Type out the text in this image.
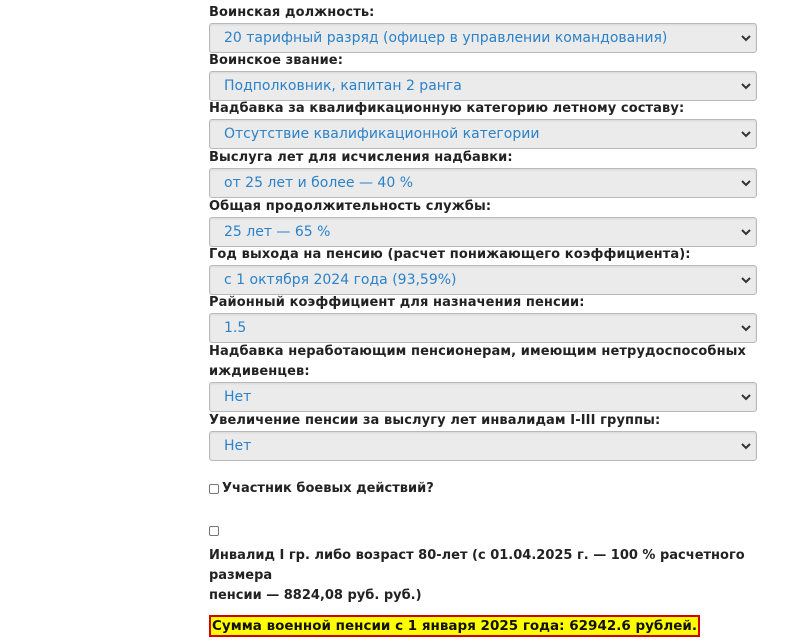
Воинская должность:
20 тарифный разряд (офицер в управлении командования)
Воинское звание:
Подполковник, капитан 2 ранга
Надбавка за квалификационную категорию летному составу:
Отсутствие квалификационной категории
Выслуга лет для исчисления надбавки:
от 25 лет и более — 40 %
Общая продолжительность службы:
25 лет — 65 %
Год выхода на пенсию (расчет понижающего коэффициента):
с 1 октября 2024 года (93,59%)
Районный коэффициент для назначения пенсии:
1.5
Надбавка неработающим пенсионерам, имеющим нетрудоспособных
иждивенцев:
Нет
Увеличение пенсии за выслугу лет инвалидам I-III группы:
Нет
Участник боевых действий?
Инвалид I гр. либо возраст 80-лет (с 01.04.2025 г. — 100 % расчетного размера
пенсии — 8824,08 руб. руб.)
Сумма военной пенсии с 1 января 2025 года: 62942.6 рублей.
